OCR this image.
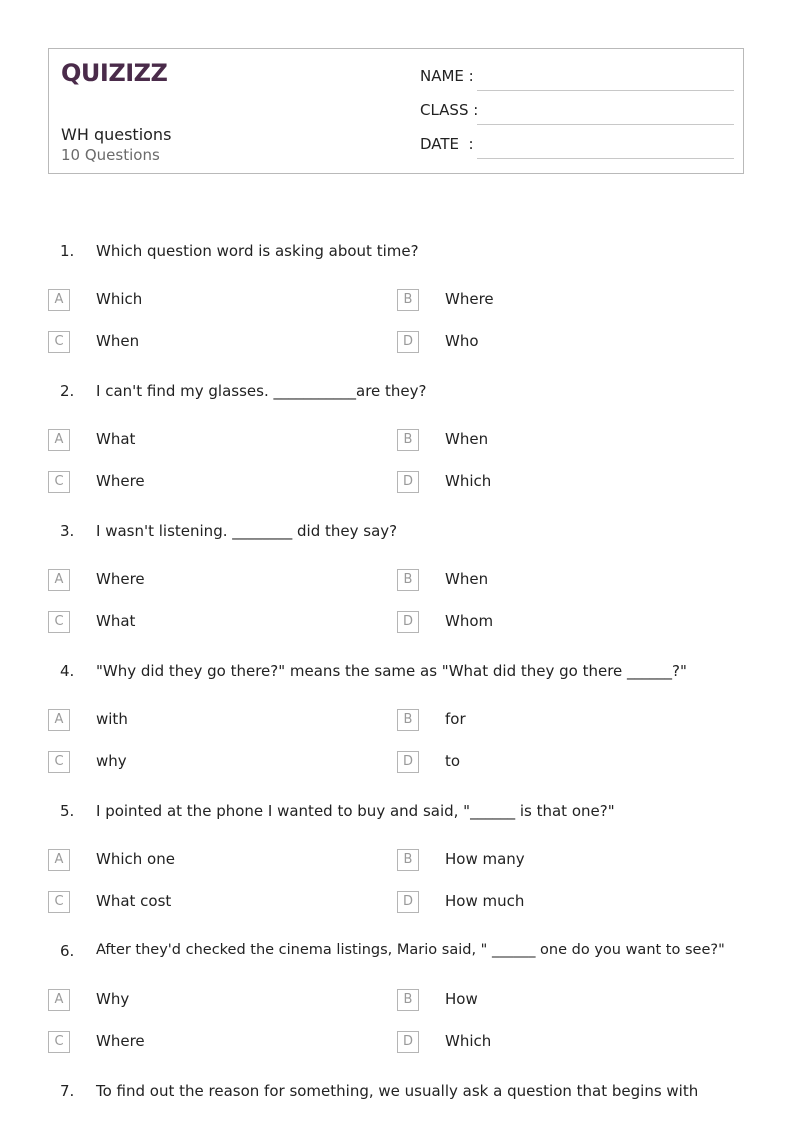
QUIZIZZ
WH questions
10 Questions
NAME :
CLASS :
DATE  :
1. Which question word is asking about time?
A	Which	B	Where
C	When	D	Who
2. I can't find my glasses. ___________are they?
A	What	B	When
C	Where	D	Which
3. I wasn't listening. ________ did they say?
A	Where	B	When
C	What	D	Whom
4. "Why did they go there?" means the same as "What did they go there ______?"
A	with	B	for
C	why	D	to
5. I pointed at the phone I wanted to buy and said, "______ is that one?"
A	Which one	B	How many
C	What cost	D	How much
6. After they'd checked the cinema listings, Mario said, " ______ one do you want to see?"
A	Why	B	How
C	Where	D	Which
7. To find out the reason for something, we usually ask a question that begins with
